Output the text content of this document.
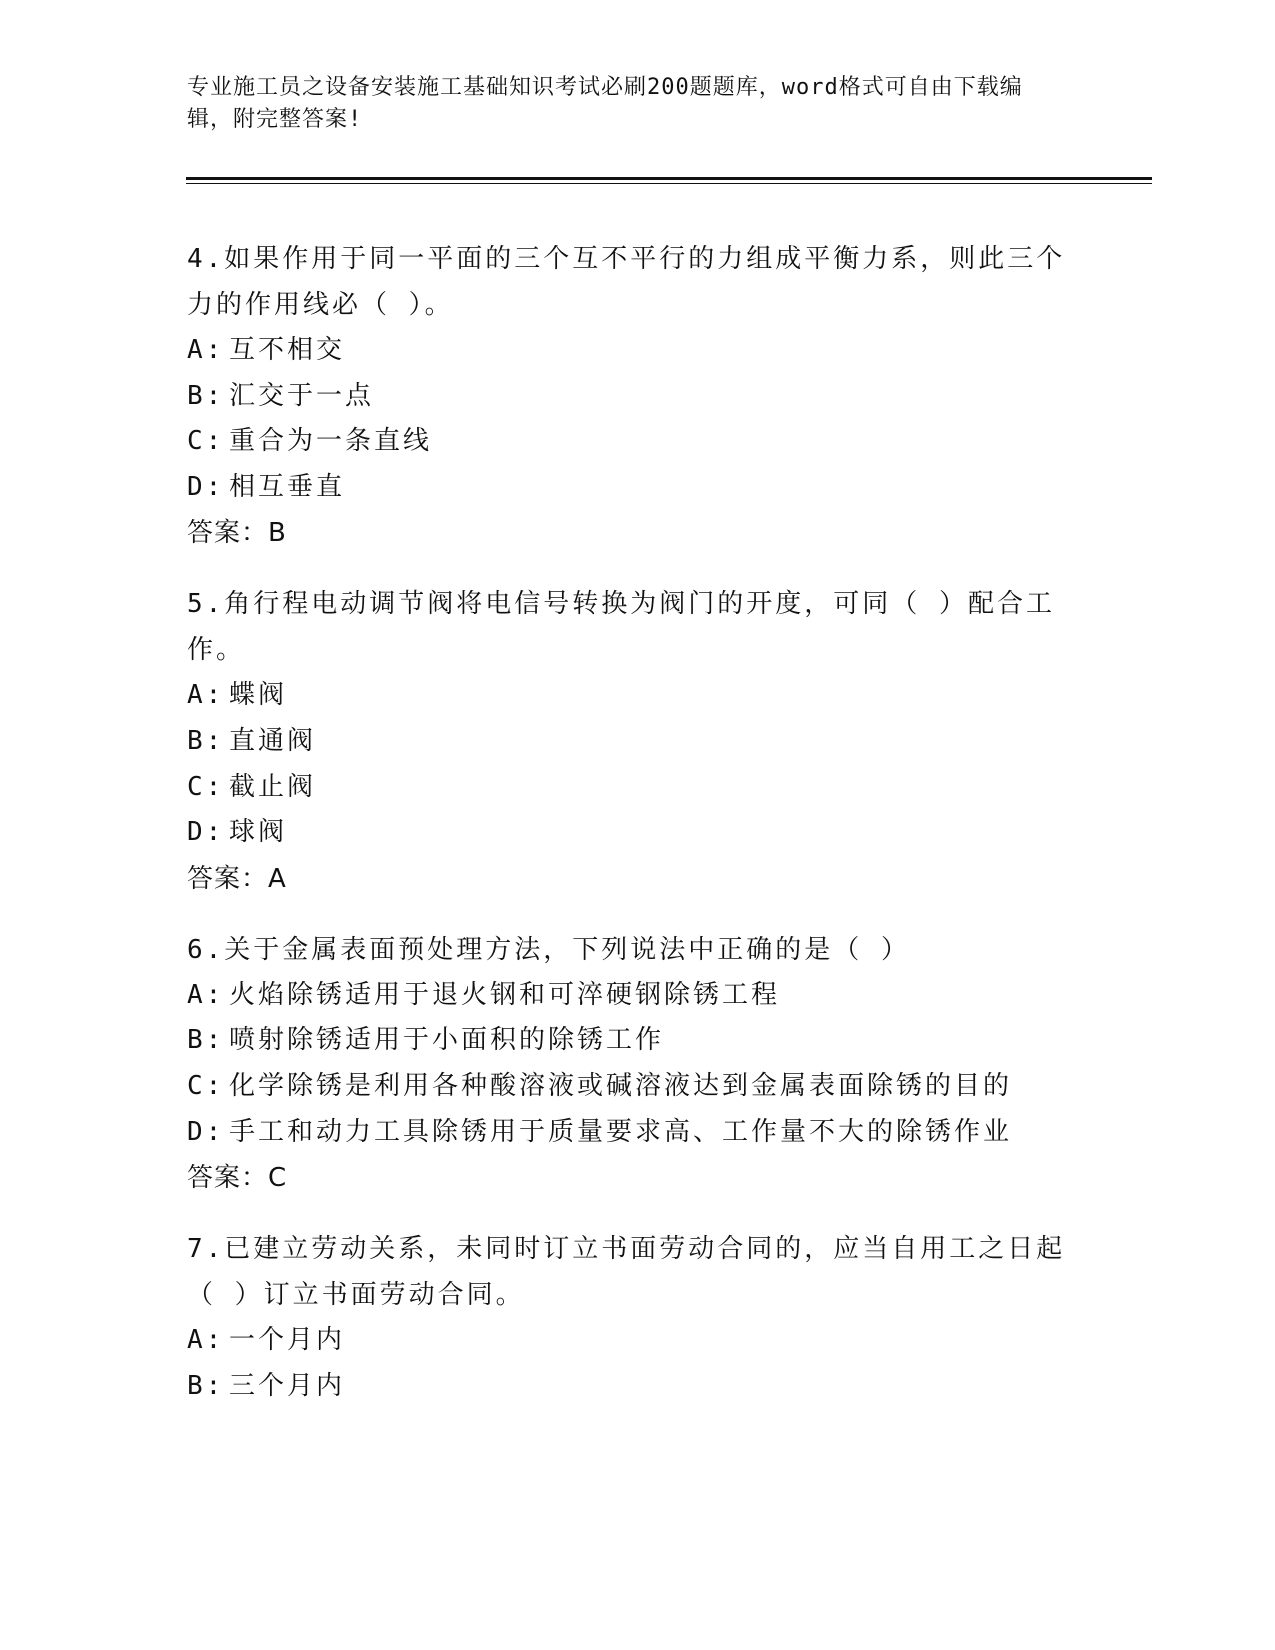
专业施工员之设备安装施工基础知识考试必刷200题题库，word格式可自由下载编辑，附完整答案!
4.如果作用于同一平面的三个互不平行的力组成平衡力系，则此三个力的作用线必（ ）。
A: 互不相交
B: 汇交于一点
C: 重合为一条直线
D: 相互垂直
答案：B
5.角行程电动调节阀将电信号转换为阀门的开度，可同（ ）配合工作。
A: 蝶阀
B: 直通阀
C: 截止阀
D: 球阀
答案：A
6.关于金属表面预处理方法，下列说法中正确的是（ ）
A: 火焰除锈适用于退火钢和可淬硬钢除锈工程
B: 喷射除锈适用于小面积的除锈工作
C: 化学除锈是利用各种酸溶液或碱溶液达到金属表面除锈的目的
D: 手工和动力工具除锈用于质量要求高、工作量不大的除锈作业
答案：C
7.已建立劳动关系，未同时订立书面劳动合同的，应当自用工之日起（ ）订立书面劳动合同。
A: 一个月内
B: 三个月内
